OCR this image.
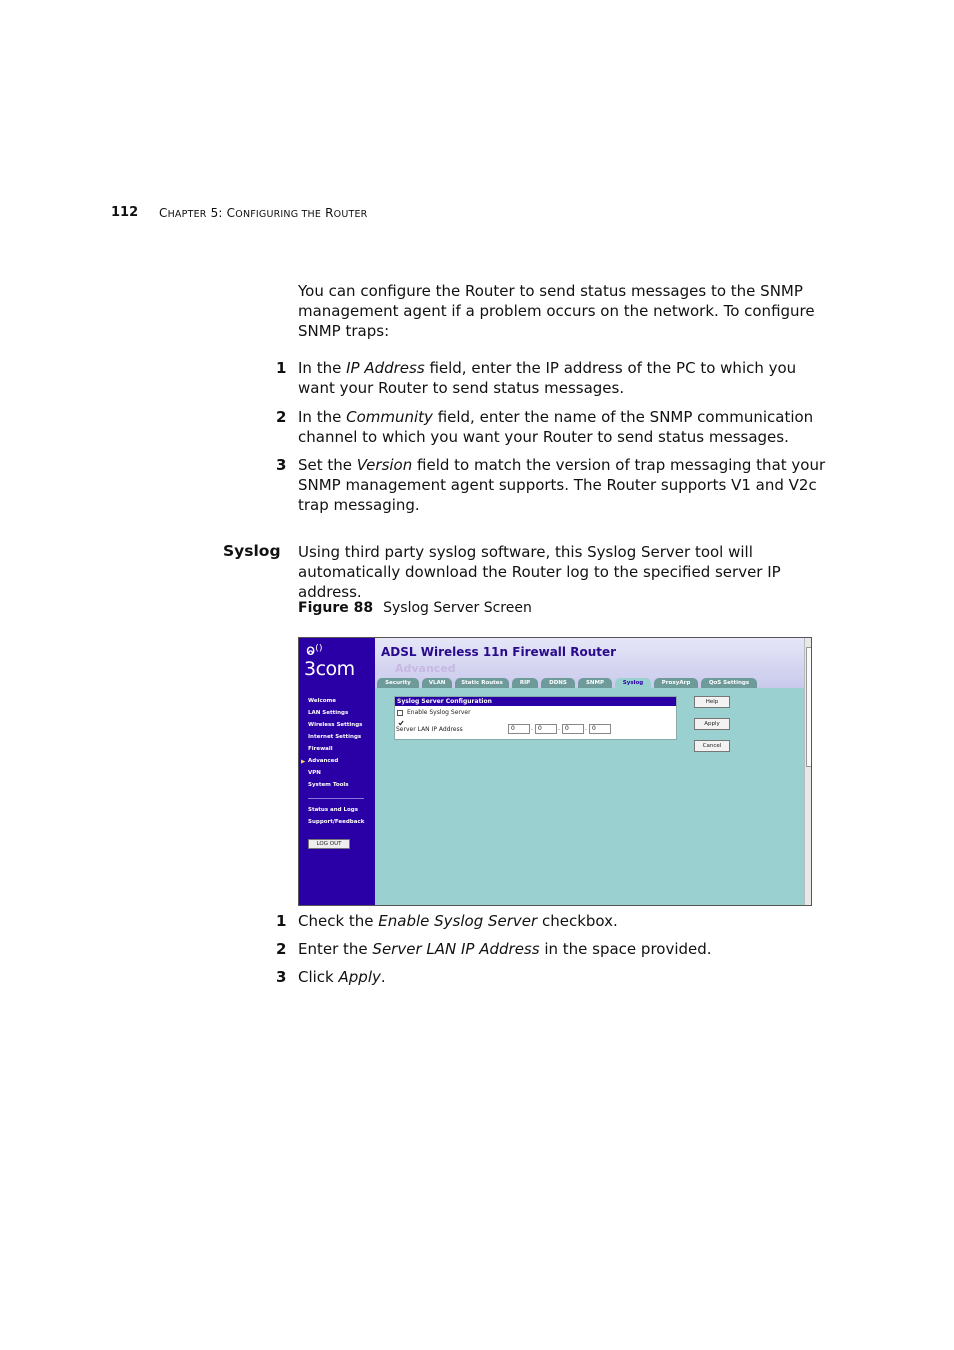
112 CHAPTER 5: CONFIGURING THE ROUTER

You can configure the Router to send status messages to the SNMP management agent if a problem occurs on the network. To configure SNMP traps:

1 In the IP Address field, enter the IP address of the PC to which you want your Router to send status messages.

2 In the Community field, enter the name of the SNMP communication channel to which you want your Router to send status messages.

3 Set the Version field to match the version of trap messaging that your SNMP management agent supports. The Router supports V1 and V2c trap messaging.

Syslog Using third party syslog software, this Syslog Server tool will automatically download the Router log to the specified server IP address.

Figure 88 Syslog Server Screen
ⱺ⁽⁾
3com
ADSL Wireless 11n Firewall Router
Advanced
Security	VLAN	Static Routes	RIP	DDNS	SNMP	Syslog	ProxyArp	QoS Settings
Welcome
LAN Settings
Wireless Settings
Internet Settings
Firewall
▶ Advanced
VPN
System Tools
Status and Logs
Support/Feedback
LOG OUT
Syslog Server Configuration
Enable Syslog Server
Server LAN IP Address	0	. 0	. 0	. 0
Help
Apply
Cancel
1 Check the Enable Syslog Server checkbox.

2 Enter the Server LAN IP Address in the space provided.

3 Click Apply.
